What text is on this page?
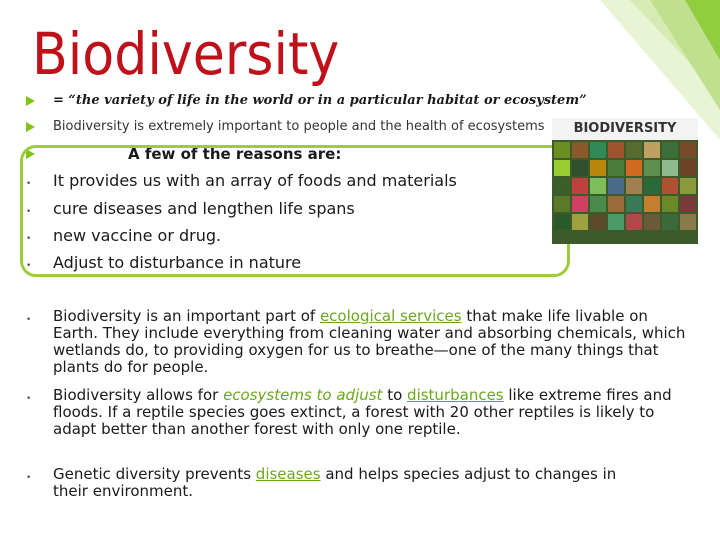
Biodiversity
= “the variety of life in the world or in a particular habitat or ecosystem”
Biodiversity is extremely important to people and the health of ecosystems
A few of the reasons are:
BIODIVERSITY
• It provides us with an array of foods and materials
• cure diseases and lengthen life spans
• new vaccine or drug.
• Adjust to disturbance in nature
• Biodiversity is an important part of ecological services that make life livable on Earth. They include everything from cleaning water and absorbing chemicals, which wetlands do, to providing oxygen for us to breathe—one of the many things that plants do for people.
• Biodiversity allows for ecosystems to adjust to disturbances like extreme fires and floods. If a reptile species goes extinct, a forest with 20 other reptiles is likely to adapt better than another forest with only one reptile.
• Genetic diversity prevents diseases and helps species adjust to changes in their environment.
